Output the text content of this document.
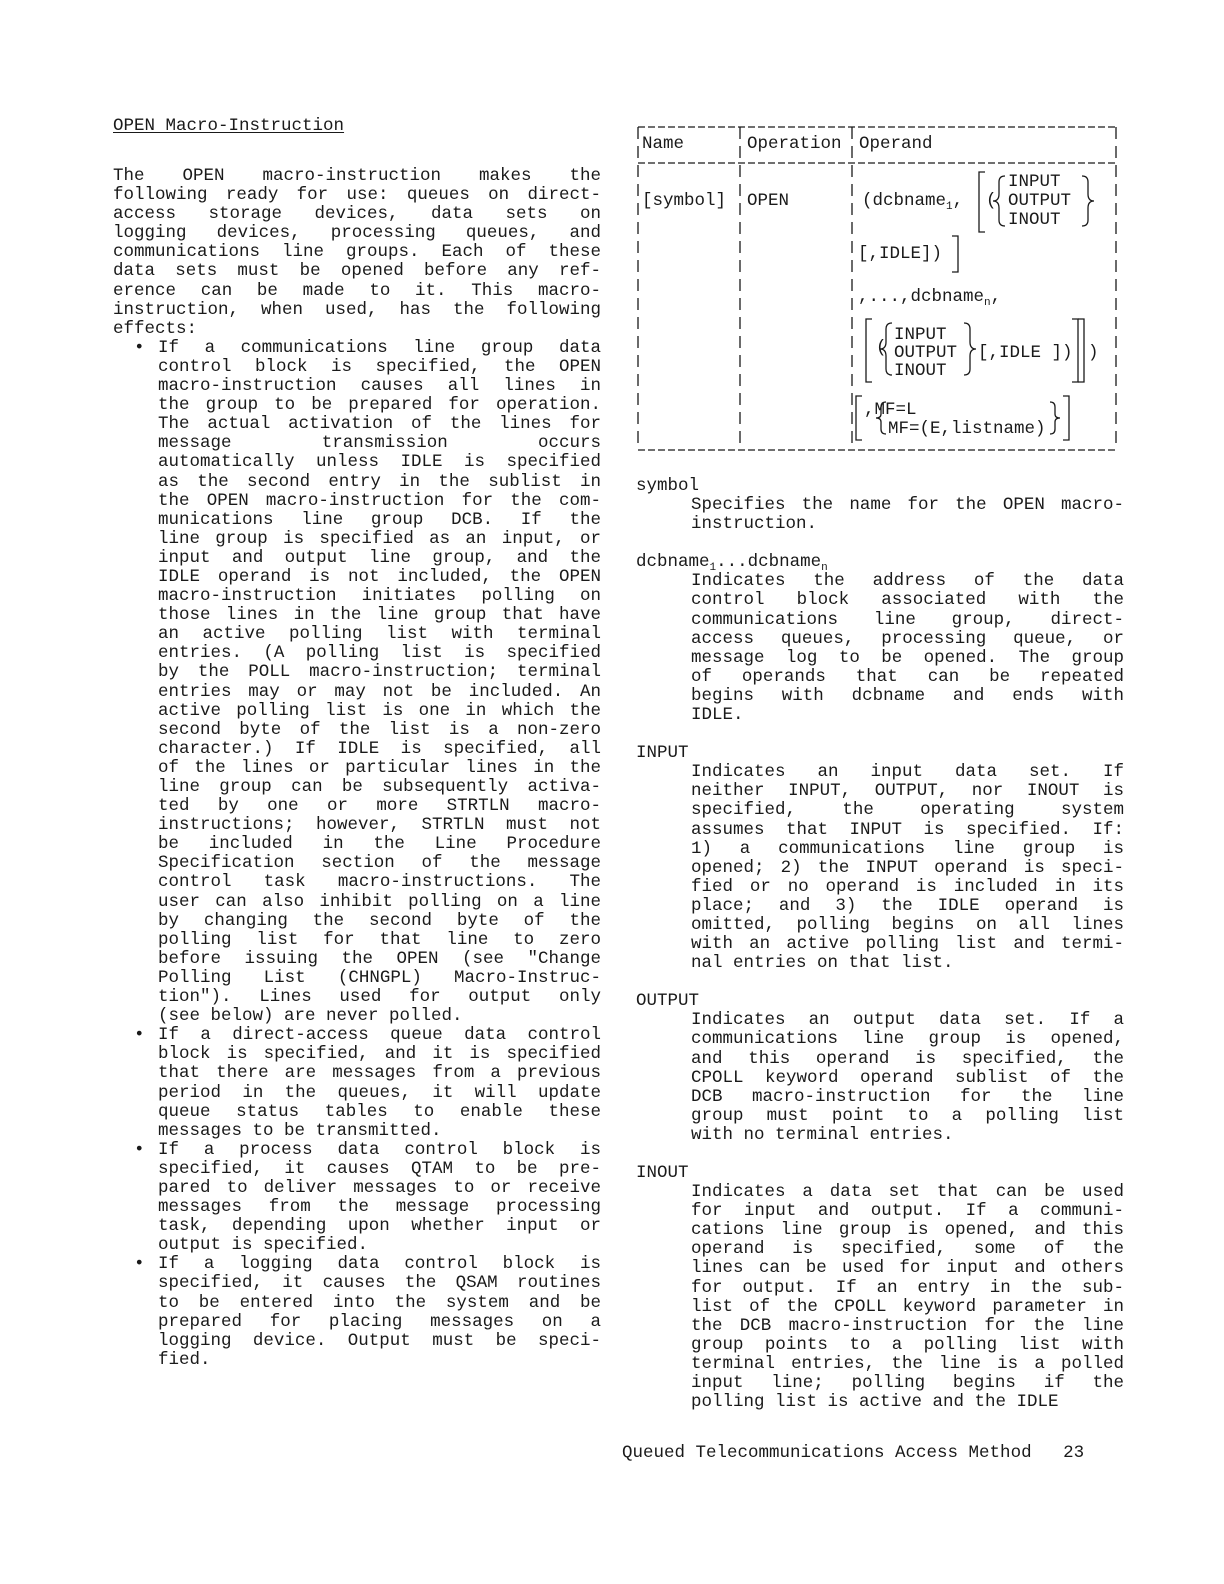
OPEN Macro-Instruction
The OPEN macro-instruction makes the
following ready for use: queues on direct-
access storage devices, data sets on
logging devices, processing queues, and
communications line groups. Each of these
data sets must be opened before any ref-
erence can be made to it. This macro-
instruction, when used, has the following
effects:
• If a communications line group data
control block is specified, the OPEN
macro-instruction causes all lines in
the group to be prepared for operation.
The actual activation of the lines for
message transmission occurs
automatically unless IDLE is specified
as the second entry in the sublist in
the OPEN macro-instruction for the com-
munications line group DCB. If the
line group is specified as an input, or
input and output line group, and the
IDLE operand is not included, the OPEN
macro-instruction initiates polling on
those lines in the line group that have
an active polling list with terminal
entries. (A polling list is specified
by the POLL macro-instruction; terminal
entries may or may not be included. An
active polling list is one in which the
second byte of the list is a non-zero
character.) If IDLE is specified, all
of the lines or particular lines in the
line group can be subsequently activa-
ted by one or more STRTLN macro-
instructions; however, STRTLN must not
be included in the Line Procedure
Specification section of the message
control task macro-instructions. The
user can also inhibit polling on a line
by changing the second byte of the
polling list for that line to zero
before issuing the OPEN (see "Change
Polling List (CHNGPL) Macro-Instruc-
tion"). Lines used for output only
(see below) are never polled.
• If a direct-access queue data control
block is specified, and it is specified
that there are messages from a previous
period in the queues, it will update
queue status tables to enable these
messages to be transmitted.
• If a process data control block is
specified, it causes QTAM to be pre-
pared to deliver messages to or receive
messages from the message processing
task, depending upon whether input or
output is specified.
• If a logging data control block is
specified, it causes the QSAM routines
to be entered into the system and be
prepared for placing messages on a
logging device. Output must be speci-
fied.
Name	Operation Operand
[symbol] OPEN	(dcbname$_1$, (
INPUT
OUTPUT
INOUT
[,IDLE])
,...,dcbname$_n$,
(
INPUT
OUTPUT
INOUT
[,IDLE ]) )
,MF=L
MF=(E,listname)
symbol
Specifies the name for the OPEN macro-
instruction.
dcbname$_1$...dcbname$_n$
Indicates the address of the data
control block associated with the
communications line group, direct-
access queues, processing queue, or
message log to be opened. The group
of operands that can be repeated
begins with dcbname and ends with
IDLE.
INPUT
Indicates an input data set. If
neither INPUT, OUTPUT, nor INOUT is
specified, the operating system
assumes that INPUT is specified. If:
1) a communications line group is
opened; 2) the INPUT operand is speci-
fied or no operand is included in its
place; and 3) the IDLE operand is
omitted, polling begins on all lines
with an active polling list and termi-
nal entries on that list.
OUTPUT
Indicates an output data set. If a
communications line group is opened,
and this operand is specified, the
CPOLL keyword operand sublist of the
DCB macro-instruction for the line
group must point to a polling list
with no terminal entries.
INOUT
Indicates a data set that can be used
for input and output. If a communi-
cations line group is opened, and this
operand is specified, some of the
lines can be used for input and others
for output. If an entry in the sub-
list of the CPOLL keyword parameter in
the DCB macro-instruction for the line
group points to a polling list with
terminal entries, the line is a polled
input line; polling begins if the
polling list is active and the IDLE
Queued Telecommunications Access Method 23
